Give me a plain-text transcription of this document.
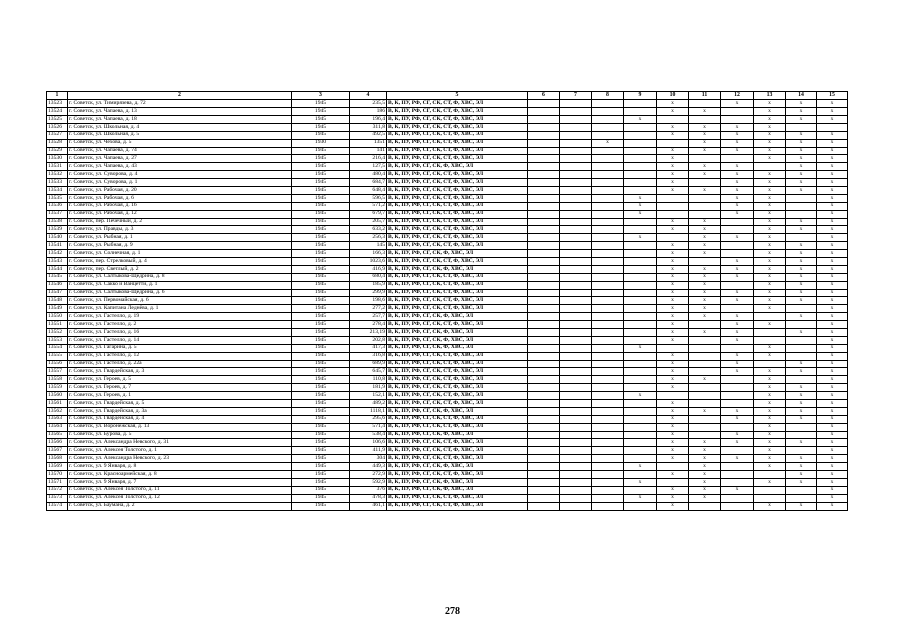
1	2	3	4	5	6	7	8	9	10	11	12	13	14	15
13523	г. Советск, ул. Тимирязева, д. 72	1945	235,5	В, К, ПУ, РФ, СГ, СК, СТ, Ф, ХВС, ЭЛ					x		x	x	x	x
13524	г. Советск, ул. Чапаева, д. 13	1945	186	В, К, ПУ, РФ, СГ, СК, СТ, Ф, ХВС, ЭЛ					x	x		x	x	x
13525	г. Советск, ул. Чапаева, д. 18	1945	196,4	В, К, ПУ, РФ, СГ, СК, СТ, Ф, ХВС, ЭЛ				x				x	x	x
13526	г. Советск, ул. Школьная, д. 4	1945	311,8	В, К, ПУ, РФ, СГ, СК, СТ, Ф, ХВС, ЭЛ					x	x	x	x		
13527	г. Советск, ул. Школьная, д. 5	1945	492,5	В, К, ПУ, РФ, СГ, СК, СТ, Ф, ХВС, ЭЛ					x	x	x	x	x	x
13528	г. Советск, ул. Чехова, д. 5	1930	1351	В, К, ПУ, РФ, СГ, СК, СТ, Ф, ХВС, ЭЛ			x			x	x	x	x	x
13529	г. Советск, ул. Чапаева, д. 74	1945	141	В, К, ПУ, РФ, СГ, СК, СТ, Ф, ХВС, ЭЛ					x	x	x	x	x	x
13530	г. Советск, ул. Чапаева, д. 27	1945	216,4	В, К, ПУ, РФ, СГ, СК, СТ, Ф, ХВС, ЭЛ					x			x	x	x
13531	г. Советск, ул. Чапаева, д. 43	1945	127,5	В, К, ПУ, РФ, СГ, СК, Ф, ХВС, ЭЛ					x	x	x		x	x
13532	г. Советск, ул. Суворова, д. 4	1945	480,4	В, К, ПУ, РФ, СГ, СК, СТ, Ф, ХВС, ЭЛ					x	x	x	x	x	x
13533	г. Советск, ул. Суворова, д. 1	1945	684,7	В, К, ПУ, РФ, СГ, СК, СТ, Ф, ХВС, ЭЛ					x		x	x	x	x
13534	г. Советск, ул. Рабочая, д. 20	1945	648,4	В, К, ПУ, РФ, СГ, СК, СТ, Ф, ХВС, ЭЛ					x	x	x	x	x	x
13535	г. Советск, ул. Рабочая, д. 6	1945	596,5	В, К, ПУ, РФ, СГ, СК, СТ, Ф, ХВС, ЭЛ				x			x	x		x
13536	г. Советск, ул. Рабочая, д. 16	1945	571,2	В, К, ПУ, РФ, СГ, СК, СТ, Ф, ХВС, ЭЛ				x			x	x		x
13537	г. Советск, ул. Рабочая, д. 12	1945	679,7	В, К, ПУ, РФ, СГ, СК, СТ, Ф, ХВС, ЭЛ				x			x	x		x
13538	г. Советск, пер. Печечный, д. 2	1945	205,7	В, К, ПУ, РФ, СГ, СК, СТ, Ф, ХВС, ЭЛ					x	x		x	x	x
13539	г. Советск, ул. Правды, д. 3	1945	633,2	В, К, ПУ, РФ, СГ, СК, СТ, Ф, ХВС, ЭЛ					x	x		x	x	x
13540	г. Советск, ул. Рыбная, д. 1	1945	256,3	В, К, ПУ, РФ, СГ, СК, СТ, Ф, ХВС, ЭЛ				x		x	x	x		x
13541	г. Советск, ул. Рыбная, д. 9	1945	145	В, К, ПУ, РФ, СГ, СК, СТ, Ф, ХВС, ЭЛ					x	x		x	x	x
13542	г. Советск, ул. Солнечная, д. 1	1945	166,3	В, К, ПУ, РФ, СГ, СК, Ф, ХВС, ЭЛ					x	x		x	x	x
13543	г. Советск, пер. Стрелковый, д. 4	1945	1023,6	В, К, ПУ, РФ, СГ, СК, СТ, Ф, ХВС, ЭЛ					x		x	x	x	x
13544	г. Советск, пер. Светлый, д. 2	1945	416,9	В, К, ПУ, РФ, СГ, СК, Ф, ХВС, ЭЛ					x	x	x	x	x	x
13545	г. Советск, ул. Салтыкова-Щедрина, д. 8	1945	680,4	В, К, ПУ, РФ, СГ, СК, СТ, Ф, ХВС, ЭЛ					x	x	x	x	x	x
13546	г. Советск, ул. Сакко и Ванцетти, д. 1	1945	185,9	В, К, ПУ, РФ, СГ, СК, СТ, Ф, ХВС, ЭЛ					x	x		x	x	x
13547	г. Советск, ул. Салтыкова-Щедрина, д. 6	1945	299,9	В, К, ПУ, РФ, СГ, СК, СТ, Ф, ХВС, ЭЛ					x	x	x	x	x	x
13548	г. Советск, ул. Первомайская, д. 6	1945	198,6	В, К, ПУ, РФ, СГ, СК, СТ, Ф, ХВС, ЭЛ					x	x	x	x	x	x
13549	г. Советск, ул. Капитана Леднёва, д. 1	1945	277,2	В, К, ПУ, РФ, СГ, СК, СТ, Ф, ХВС, ЭЛ					x	x		x		x
13550	г. Советск, ул. Гастелло, д. 19	1945	257,7	В, К, ПУ, РФ, СГ, СК, Ф, ХВС, ЭЛ					x	x	x		x	x
13551	г. Советск, ул. Гастелло, д. 2	1945	278,4	В, К, ПУ, РФ, СГ, СК, СТ, Ф, ХВС, ЭЛ					x		x	x		x
13552	г. Советск, ул. Гастелло, д. 16	1945	213,19	В, К, ПУ, РФ, СГ, СК, Ф, ХВС, ЭЛ					x	x	x		x	x
13553	г. Советск, ул. Гастелло, д. 14	1945	202,8	В, К, ПУ, РФ, СГ, СК, Ф, ХВС, ЭЛ					x		x			x
13554	г. Советск, ул. Гагарина, д. 5	1945	417,3	В, К, ПУ, РФ, СГ, СК, Ф, ХВС, ЭЛ				x				x		x
13555	г. Советск, ул. Гастелло, д. 12	1945	316,8	В, К, ПУ, РФ, СГ, СК, СТ, Ф, ХВС, ЭЛ					x		x	x		x
13556	г. Советск, ул. Гастелло, д. 22а	1945	689,9	В, К, ПУ, РФ, СГ, СК, СТ, Ф, ХВС, ЭЛ					x		x		x	x
13557	г. Советск, ул. Гвардейская, д. 3	1945	645,7	В, К, ПУ, РФ, СГ, СК, СТ, Ф, ХВС, ЭЛ					x		x	x	x	x
13558	г. Советск, ул. Героев, д. 5	1945	110,8	В, К, ПУ, РФ, СГ, СК, СТ, Ф, ХВС, ЭЛ					x	x		x		x
13559	г. Советск, ул. Героев, д. 7	1945	181,9	В, К, ПУ, РФ, СГ, СК, СТ, Ф, ХВС, ЭЛ					x			x	x	x
13560	г. Советск, ул. Героев, д. 1	1945	152,1	В, К, ПУ, РФ, СГ, СК, СТ, Ф, ХВС, ЭЛ				x				x	x	x
13561	г. Советск, ул. Гвардейская, д. 5	1945	489,2	В, К, ПУ, РФ, СГ, СК, СТ, Ф, ХВС, ЭЛ					x			x	x	x
13562	г. Советск, ул. Гвардейская, д. 3а	1945	1118,1	В, К, ПУ, РФ, СГ, СК, Ф, ХВС, ЭЛ					x	x	x	x	x	x
13563	г. Советск, ул. Гвардейская, д. 4	1945	295,6	В, К, ПУ, РФ, СГ, СК, СТ, Ф, ХВС, ЭЛ					x		x	x	x	x
13564	г. Советск, ул. Воронежская, д. 13	1945	571,4	В, К, ПУ, РФ, СГ, СК, СТ, Ф, ХВС, ЭЛ					x			x		x
13565	г. Советск, ул. Бурова, д. 5	1945	538,4	В, К, ПУ, РФ, СГ, СК, Ф, ХВС, ЭЛ					x		x	x		x
13566	г. Советск, ул. Александра Невского, д. 31	1945	106,6	В, К, ПУ, РФ, СГ, СК, СТ, Ф, ХВС, ЭЛ					x	x	x	x	x	x
13567	г. Советск, ул. Алексея Толстого, д. 1	1945	411,9	В, К, ПУ, РФ, СГ, СК, СТ, Ф, ХВС, ЭЛ					x	x		x		x
13568	г. Советск, ул. Александра Невского, д. 23	1945	304	В, К, ПУ, РФ, СГ, СК, СТ, Ф, ХВС, ЭЛ					x	x	x	x	x	x
13569	г. Советск, ул. 9 Января, д. 8	1945	449,3	В, К, ПУ, РФ, СГ, СК, Ф, ХВС, ЭЛ				x		x		x	x	x
13570	г. Советск, ул. Красноармейская, д. 8	1945	272,9	В, К, ПУ, РФ, СГ, СК, СТ, Ф, ХВС, ЭЛ					x	x			x	x
13571	г. Советск, ул. 9 Января, д. 7	1945	592,9	В, К, ПУ, РФ, СГ, СК, Ф, ХВС, ЭЛ				x		x		x	x	x
13572	г. Советск, ул. Алексея Толстого, д. 11	1945	376	В, К, ПУ, РФ, СГ, СК, Ф, ХВС, ЭЛ					x	x	x			x
13573	г. Советск, ул. Алексея Толстого, д. 12	1945	478,3	В, К, ПУ, РФ, СГ, СК, СТ, Ф, ХВС, ЭЛ				x	x	x				x
13574	г. Советск, ул. Баумана, д. 2	1945	461,1	В, К, ПУ, РФ, СГ, СК, СТ, Ф, ХВС, ЭЛ					x			x	x	x
278
